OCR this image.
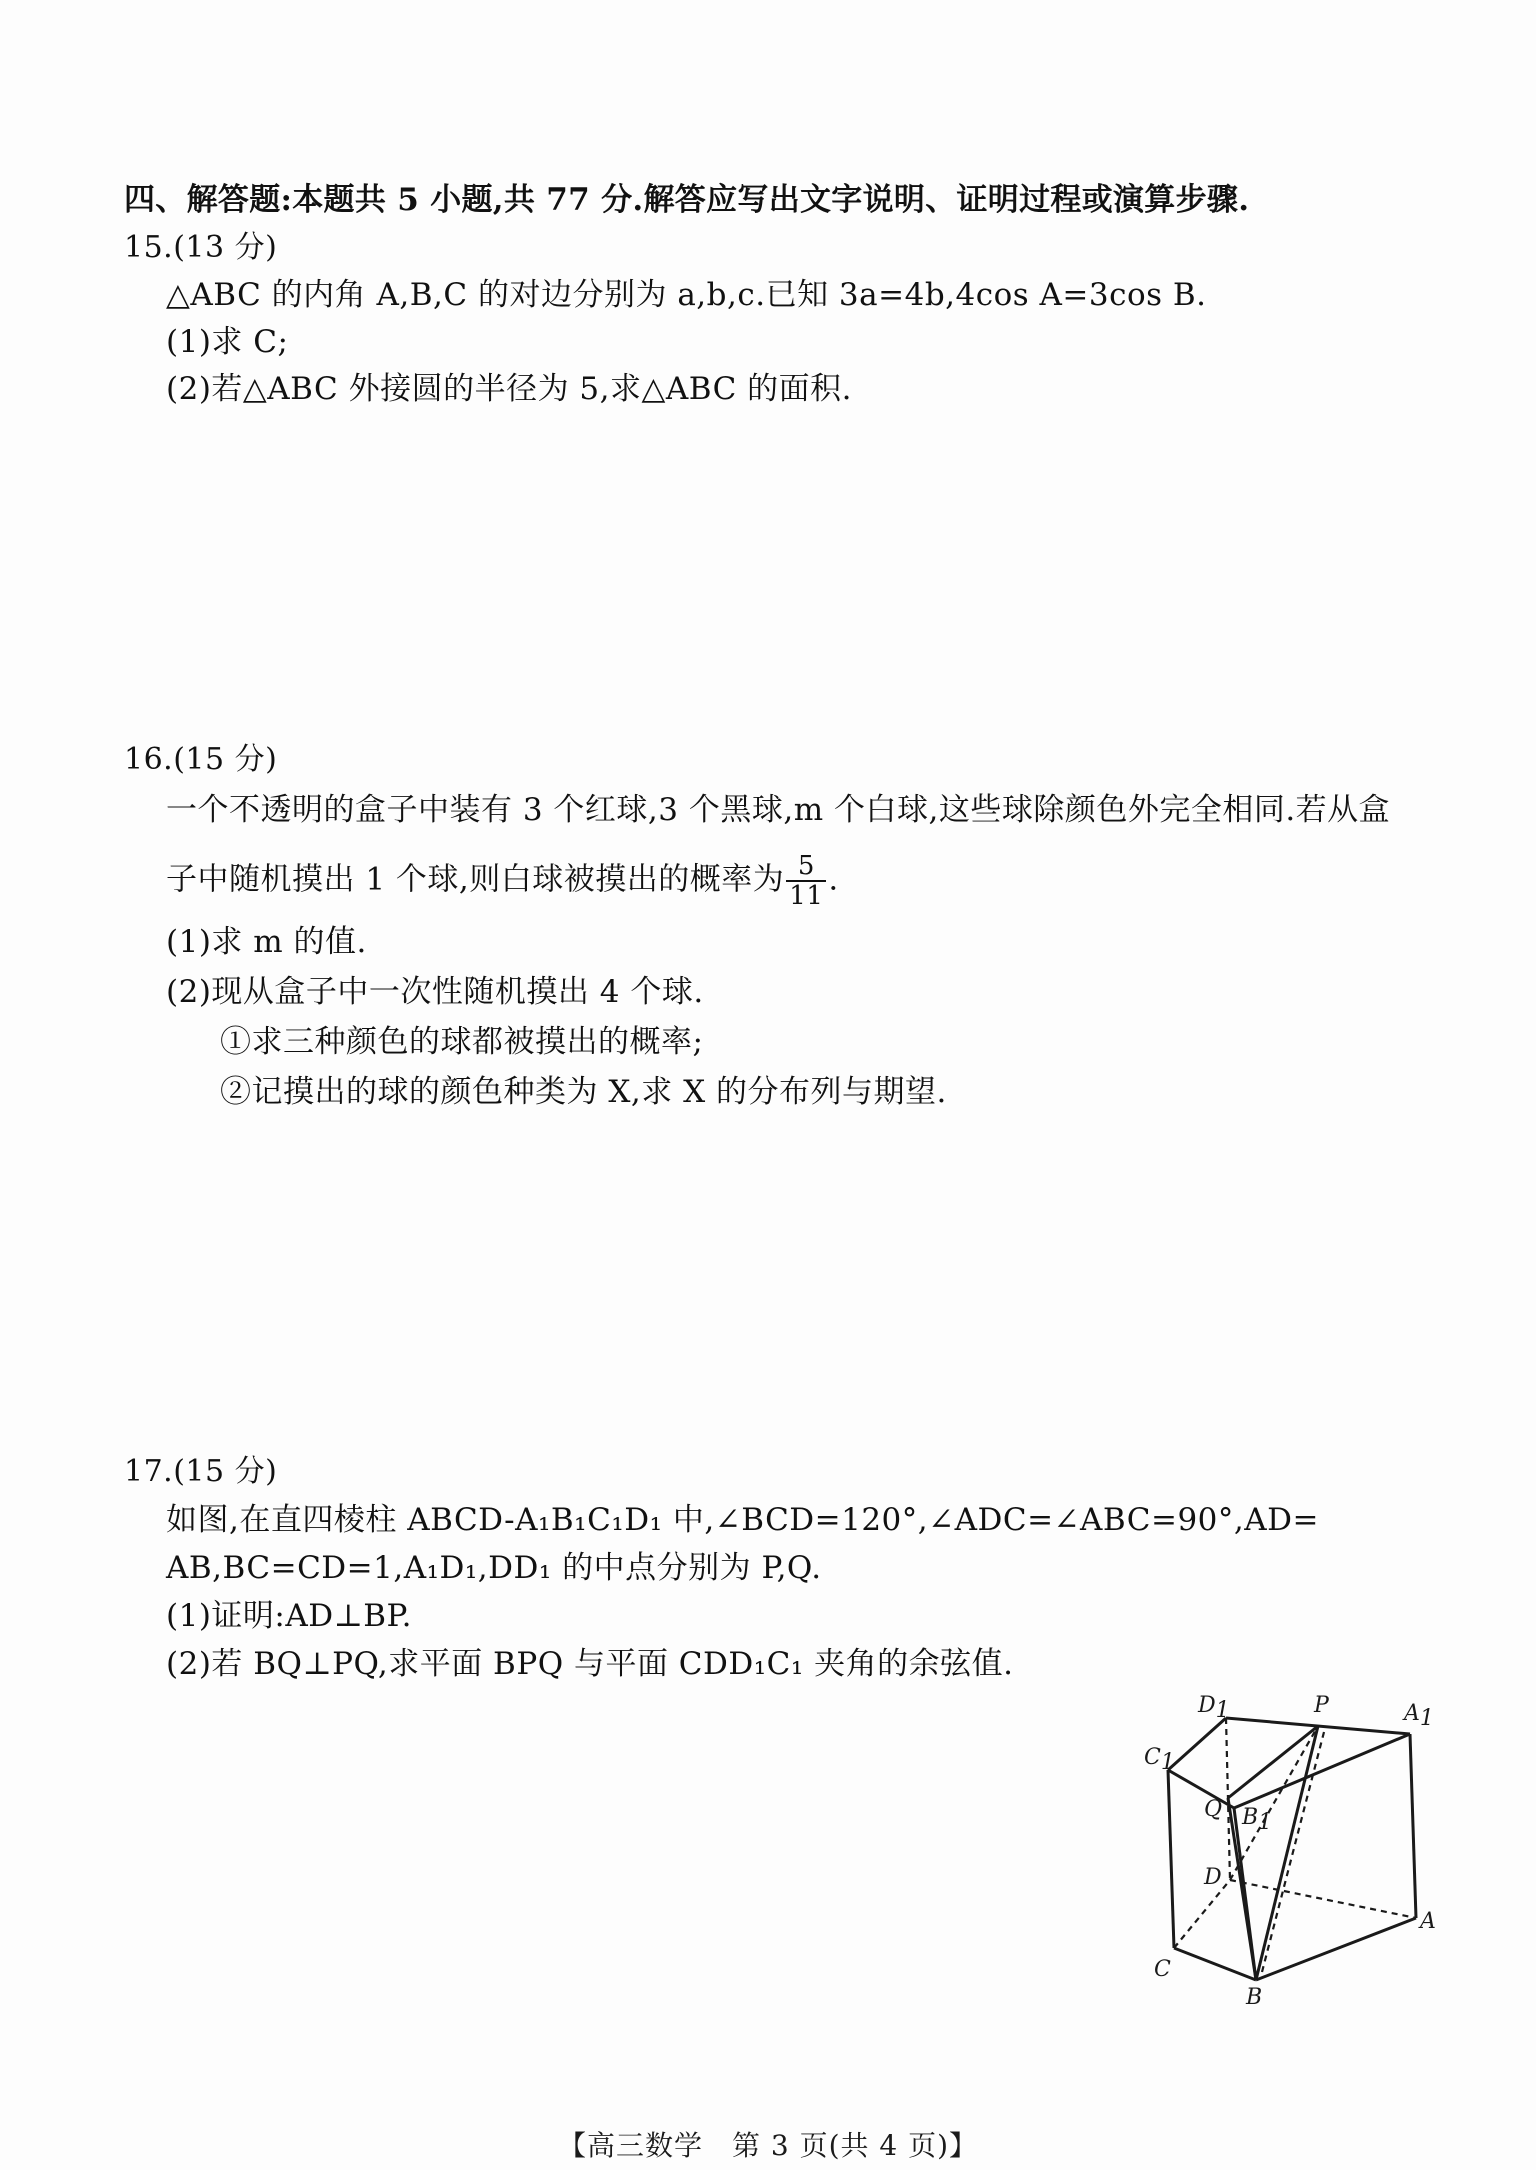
四、解答题:本题共 5 小题,共 77 分.解答应写出文字说明、证明过程或演算步骤.
15.(13 分)
△ABC 的内角 A,B,C 的对边分别为 a,b,c.已知 3a=4b,4cos A=3cos B.
(1)求 C;
(2)若△ABC 外接圆的半径为 5,求△ABC 的面积.
16.(15 分)
一个不透明的盒子中装有 3 个红球,3 个黑球,m 个白球,这些球除颜色外完全相同.若从盒
子中随机摸出 1 个球,则白球被摸出的概率为 $\frac{5}{11}$ .
(1)求 m 的值.
(2)现从盒子中一次性随机摸出 4 个球.
①求三种颜色的球都被摸出的概率;
②记摸出的球的颜色种类为 X,求 X 的分布列与期望.
17.(15 分)
如图,在直四棱柱 ABCD-A₁B₁C₁D₁ 中,∠BCD=120°,∠ADC=∠ABC=90°,AD=
AB,BC=CD=1,A₁D₁,DD₁ 的中点分别为 P,Q.
(1)证明:AD⊥BP.
(2)若 BQ⊥PQ,求平面 BPQ 与平面 CDD₁C₁ 夹角的余弦值.
D1	P	A1
C1
Q B1
D
A
C
B
【高三数学　第 3 页(共 4 页)】
